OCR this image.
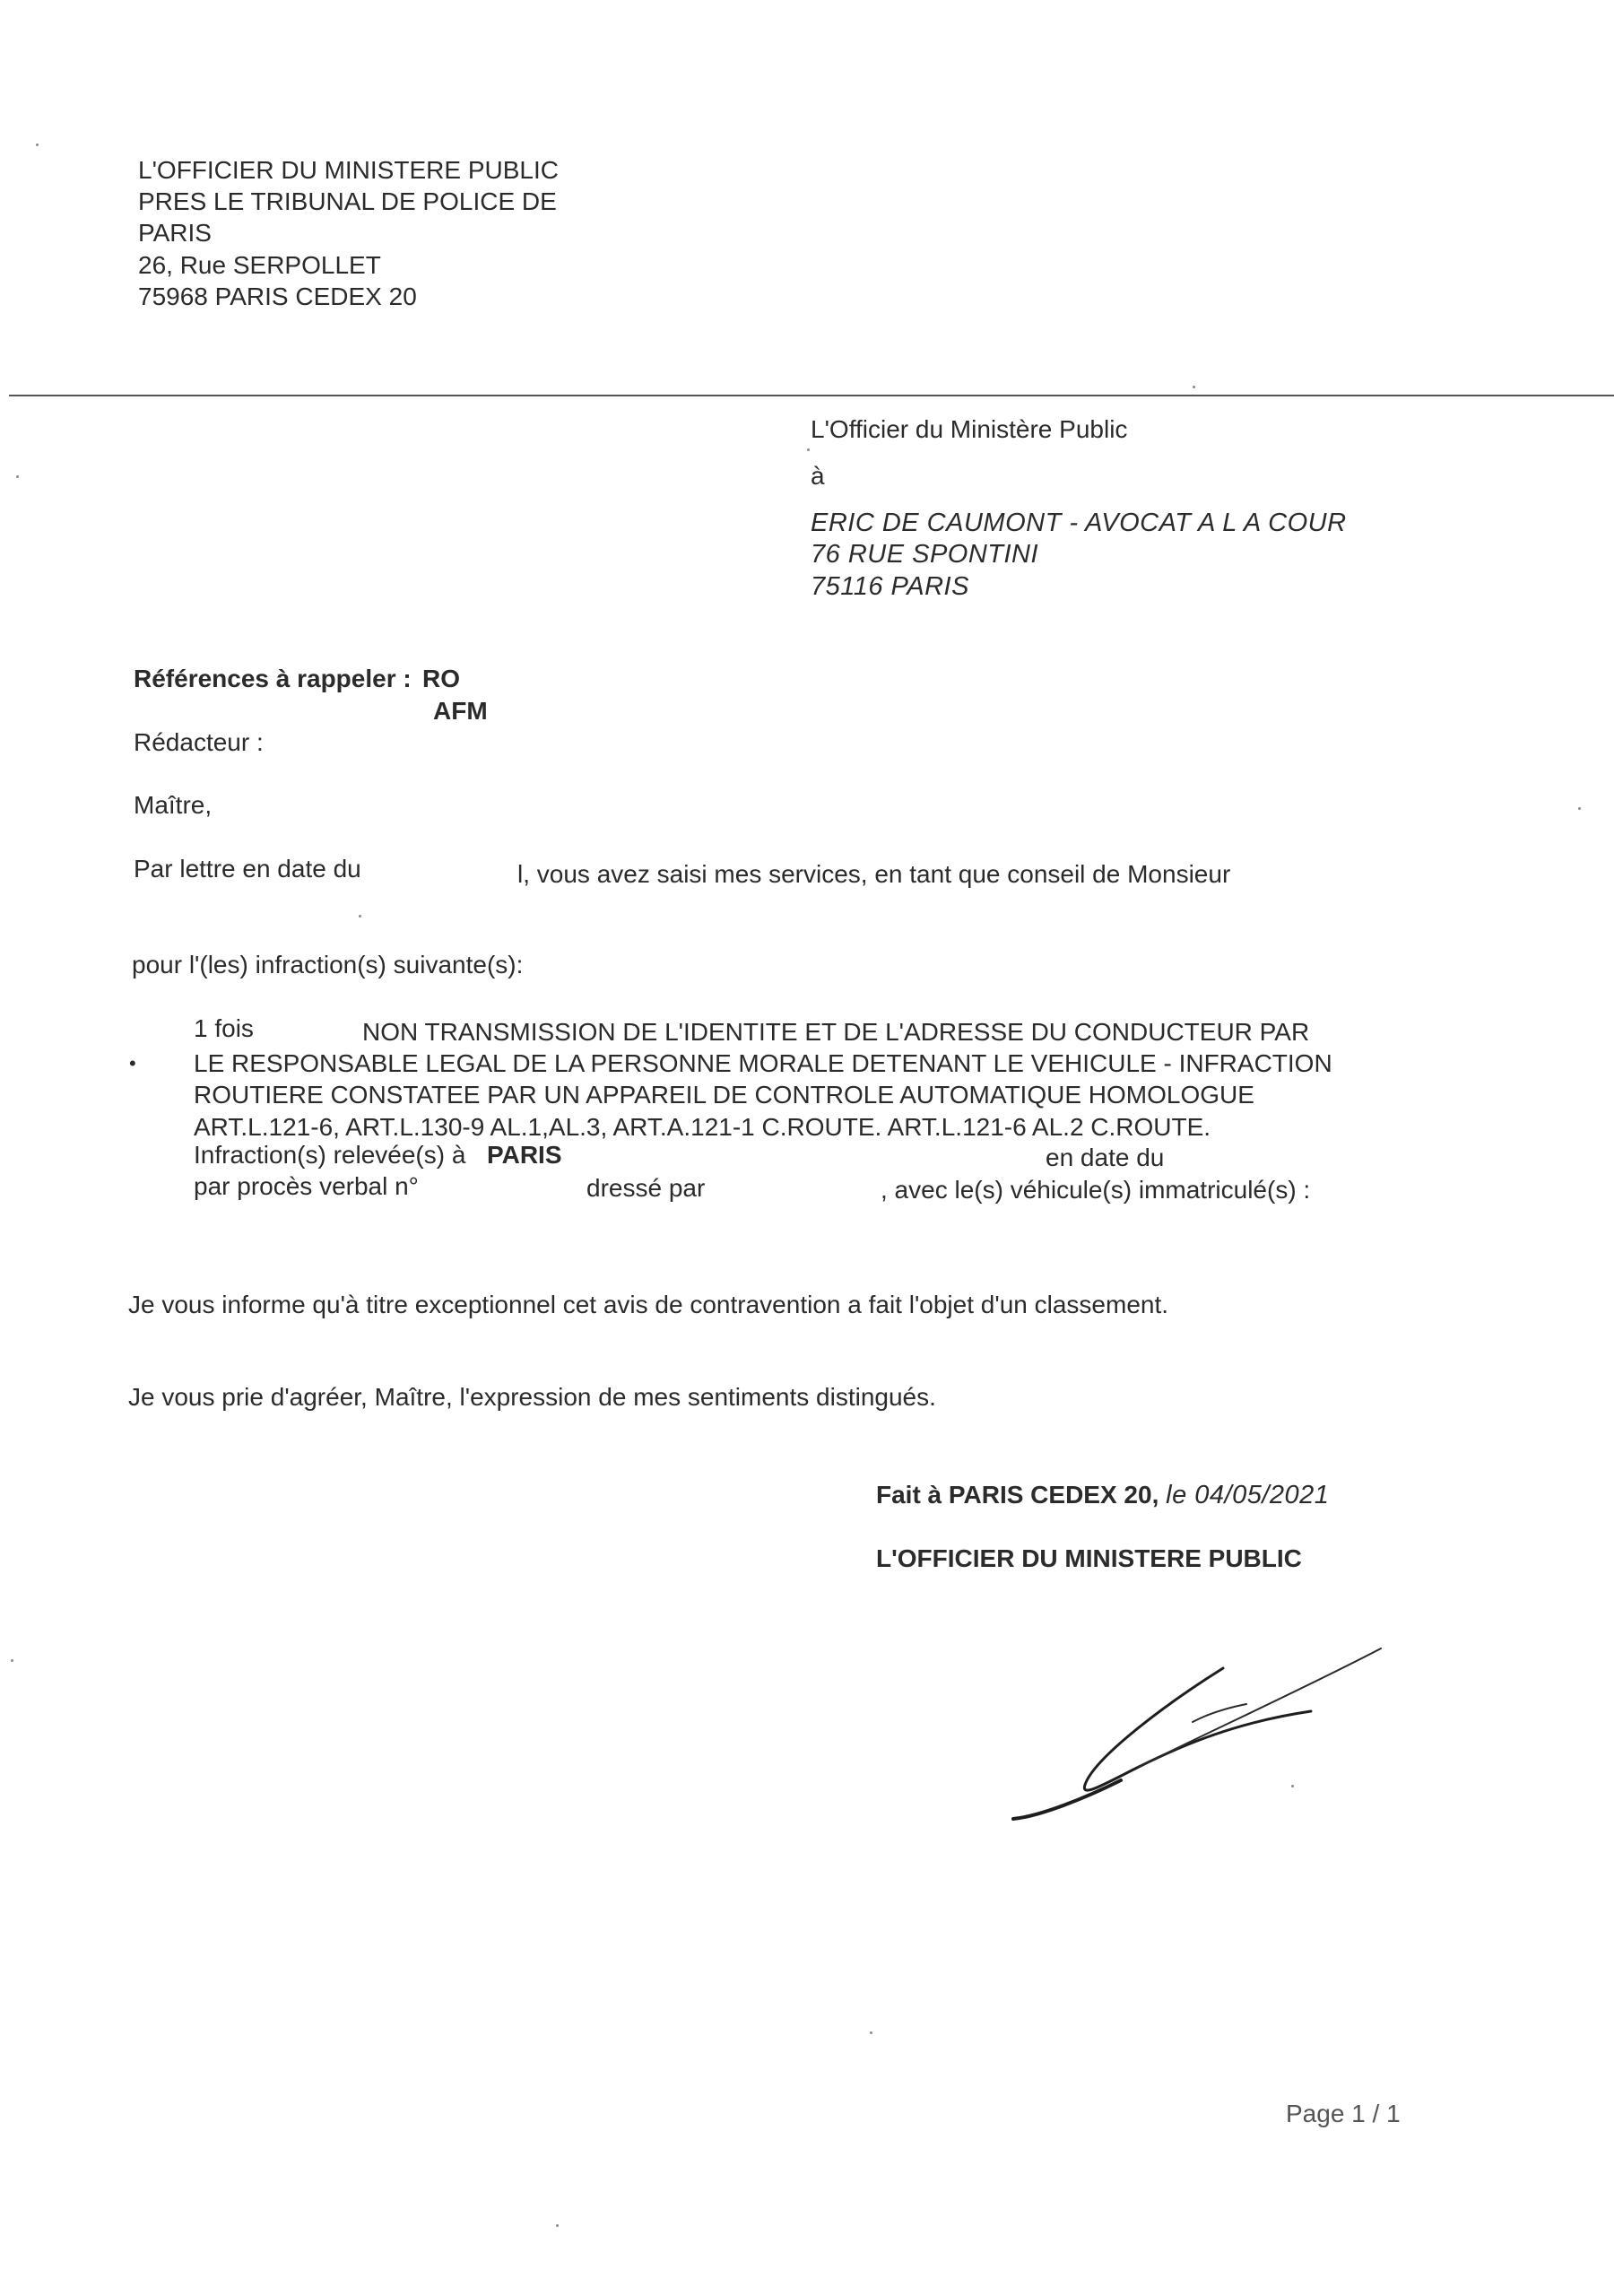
L'OFFICIER DU MINISTERE PUBLIC
PRES LE TRIBUNAL DE POLICE DE
PARIS
26, Rue SERPOLLET
75968 PARIS CEDEX 20
L'Officier du Ministère Public
à
ERIC DE CAUMONT - AVOCAT A L A COUR
76 RUE SPONTINI
75116 PARIS
Références à rappeler : RO
AFM
Rédacteur :
Maître,
Par lettre en date du	l, vous avez saisi mes services, en tant que conseil de Monsieur
pour l'(les) infraction(s) suivante(s):
•
1 fois	NON TRANSMISSION DE L'IDENTITE ET DE L'ADRESSE DU CONDUCTEUR PAR
LE RESPONSABLE LEGAL DE LA PERSONNE MORALE DETENANT LE VEHICULE - INFRACTION
ROUTIERE CONSTATEE PAR UN APPAREIL DE CONTROLE AUTOMATIQUE HOMOLOGUE
ART.L.121-6, ART.L.130-9 AL.1,AL.3, ART.A.121-1 C.ROUTE. ART.L.121-6 AL.2 C.ROUTE.
Infraction(s) relevée(s) à PARIS	en date du
par procès verbal n°	dressé par	, avec le(s) véhicule(s) immatriculé(s) :
Je vous informe qu'à titre exceptionnel cet avis de contravention a fait l'objet d'un classement.
Je vous prie d'agréer, Maître, l'expression de mes sentiments distingués.
Fait à PARIS CEDEX 20, le 04/05/2021
L'OFFICIER DU MINISTERE PUBLIC
Page 1 / 1
